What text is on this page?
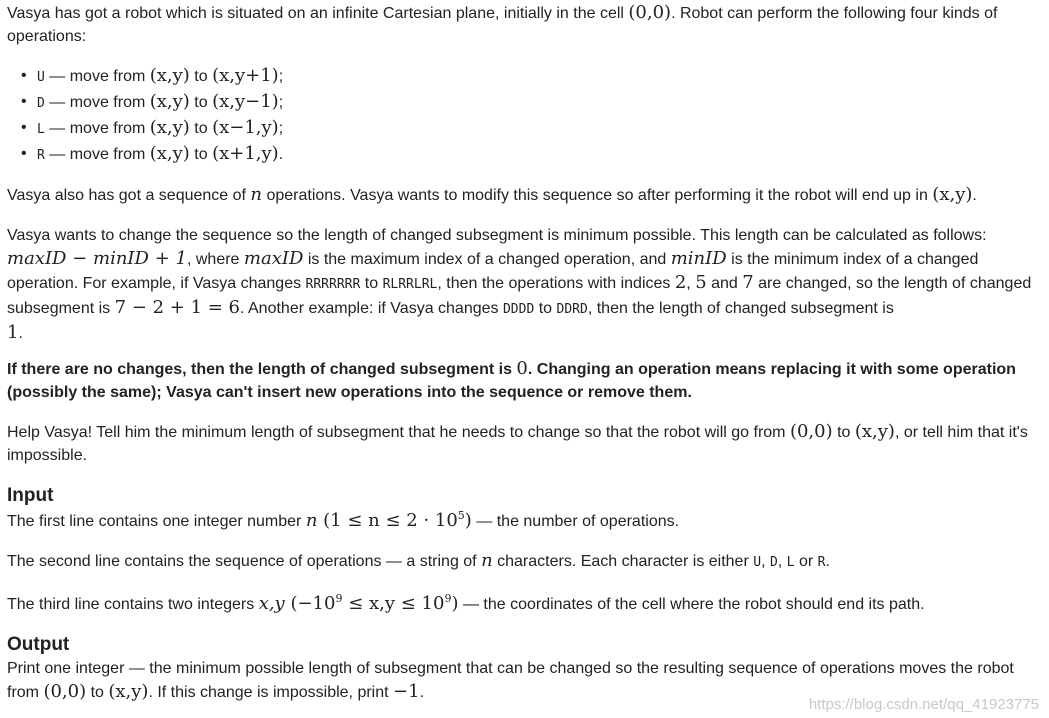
Vasya has got a robot which is situated on an infinite Cartesian plane, initially in the cell (0,0). Robot can perform the following four kinds of operations:

• U — move from (x,y) to (x,y+1);
• D — move from (x,y) to (x,y−1);
• L — move from (x,y) to (x−1,y);
• R — move from (x,y) to (x+1,y).

Vasya also has got a sequence of n operations. Vasya wants to modify this sequence so after performing it the robot will end up in (x,y).

Vasya wants to change the sequence so the length of changed subsegment is minimum possible. This length can be calculated as follows: maxID − minID + 1, where maxID is the maximum index of a changed operation, and minID is the minimum index of a changed operation. For example, if Vasya changes RRRRRRR to RLRRLRL, then the operations with indices 2, 5 and 7 are changed, so the length of changed subsegment is 7 − 2 + 1 = 6. Another example: if Vasya changes DDDD to DDRD, then the length of changed subsegment is
1.

If there are no changes, then the length of changed subsegment is 0. Changing an operation means replacing it with some operation (possibly the same); Vasya can't insert new operations into the sequence or remove them.

Help Vasya! Tell him the minimum length of subsegment that he needs to change so that the robot will go from (0,0) to (x,y), or tell him that it's impossible.

Input

The first line contains one integer number n $(1 \le n \le 2 \cdot 10^5)$ — the number of operations.

The second line contains the sequence of operations — a string of n characters. Each character is either U, D, L or R.

The third line contains two integers x,y $(-10^9 \le x,y \le 10^9)$ — the coordinates of the cell where the robot should end its path.

Output

Print one integer — the minimum possible length of subsegment that can be changed so the resulting sequence of operations moves the robot from (0,0) to (x,y). If this change is impossible, print −1.

https://blog.csdn.net/qq_41923775
